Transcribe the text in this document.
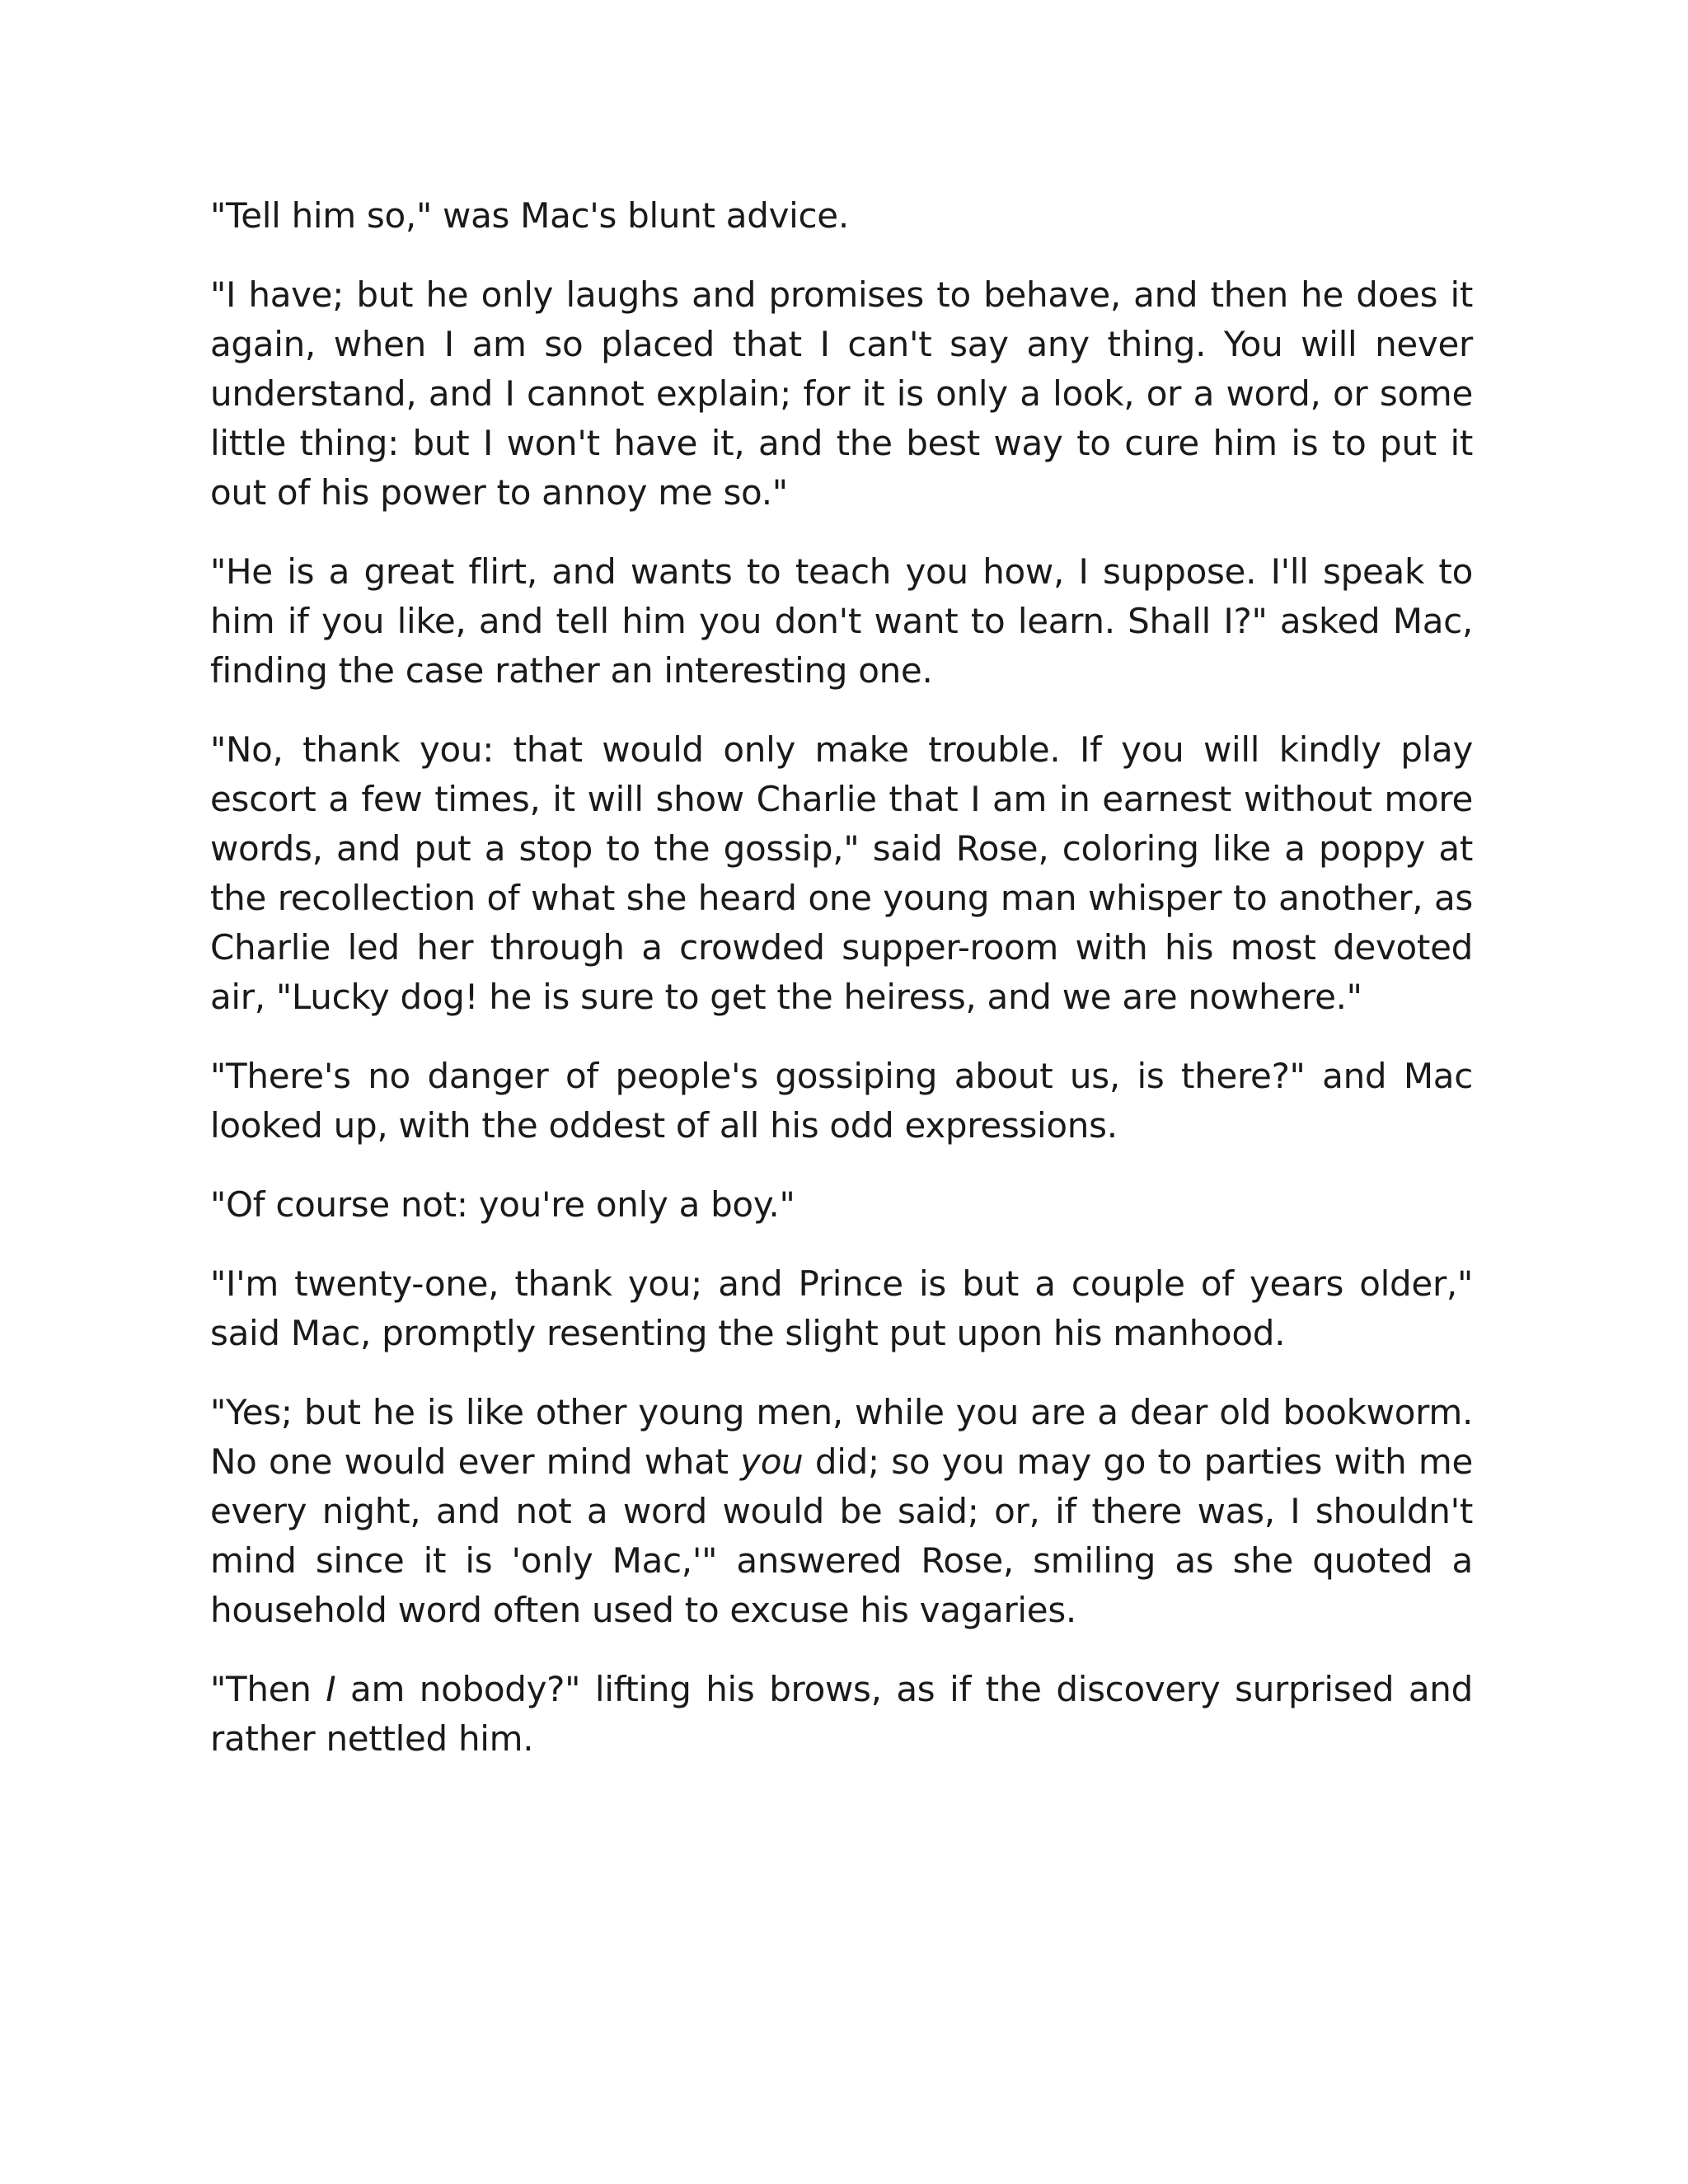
"Tell him so," was Mac's blunt advice.

"I have; but he only laughs and promises to behave, and then he does it again, when I am so placed that I can't say any thing. You will never understand, and I cannot explain; for it is only a look, or a word, or some little thing: but I won't have it, and the best way to cure him is to put it out of his power to annoy me so."

"He is a great flirt, and wants to teach you how, I suppose. I'll speak to him if you like, and tell him you don't want to learn. Shall I?" asked Mac, finding the case rather an interesting one.

"No, thank you: that would only make trouble. If you will kindly play escort a few times, it will show Charlie that I am in earnest without more words, and put a stop to the gossip," said Rose, coloring like a poppy at the recollection of what she heard one young man whisper to another, as Charlie led her through a crowded supper-room with his most devoted air, "Lucky dog! he is sure to get the heiress, and we are nowhere."

"There's no danger of people's gossiping about us, is there?" and Mac looked up, with the oddest of all his odd expressions.

"Of course not: you're only a boy."

"I'm twenty-one, thank you; and Prince is but a couple of years older," said Mac, promptly resenting the slight put upon his manhood.

"Yes; but he is like other young men, while you are a dear old bookworm. No one would ever mind what you did; so you may go to parties with me every night, and not a word would be said; or, if there was, I shouldn't mind since it is 'only Mac,'" answered Rose, smiling as she quoted a household word often used to excuse his vagaries.

"Then I am nobody?" lifting his brows, as if the discovery surprised and rather nettled him.
